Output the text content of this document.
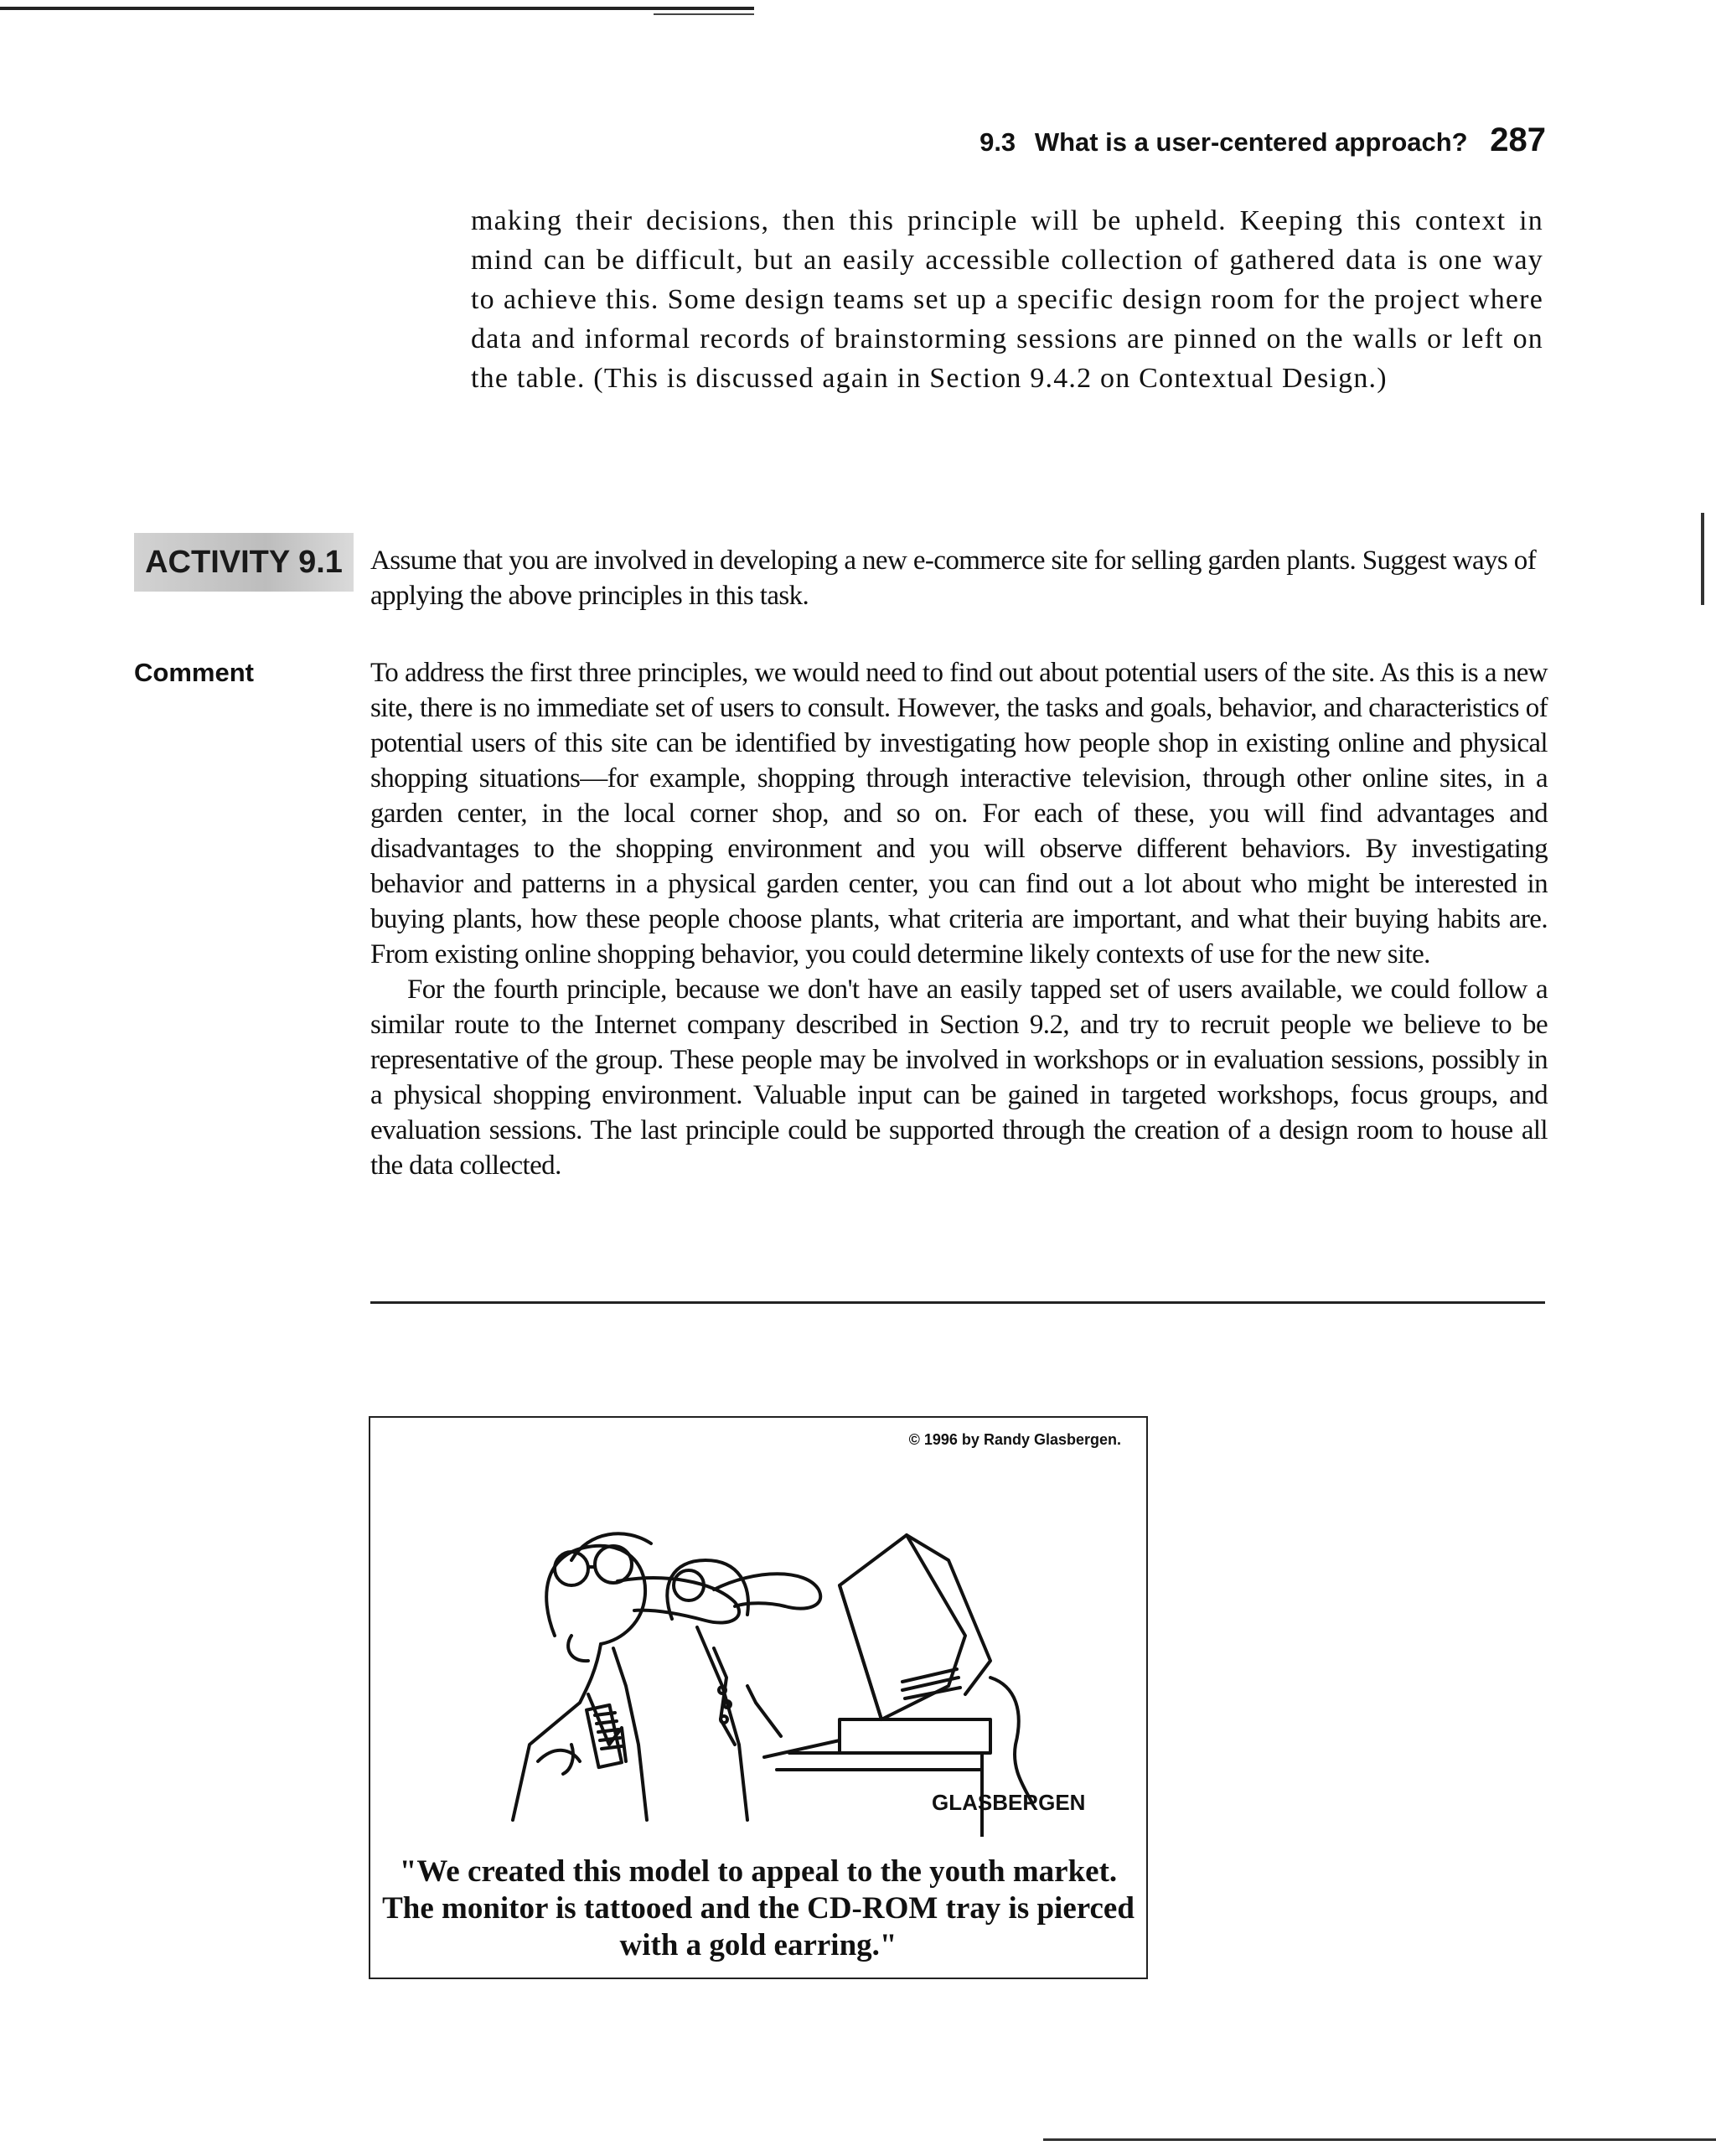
9.3 What is a user-centered approach? 287
making their decisions, then this principle will be upheld. Keeping this context in mind can be difficult, but an easily accessible collection of gathered data is one way to achieve this. Some design teams set up a specific design room for the project where data and informal records of brainstorming sessions are pinned on the walls or left on the table. (This is discussed again in Section 9.4.2 on Contextual Design.)
ACTIVITY 9.1 Assume that you are involved in developing a new e-commerce site for selling garden plants. Suggest ways of applying the above principles in this task.
Comment	To address the first three principles, we would need to find out about potential users of the site. As this is a new site, there is no immediate set of users to consult. However, the tasks and goals, behavior, and characteristics of potential users of this site can be identified by investigating how people shop in existing online and physical shopping situations—for example, shopping through interactive television, through other online sites, in a garden center, in the local corner shop, and so on. For each of these, you will find advantages and disadvantages to the shopping environment and you will observe different behaviors. By investigating behavior and patterns in a physical garden center, you can find out a lot about who might be interested in buying plants, how these people choose plants, what criteria are important, and what their buying habits are. From existing online shopping behavior, you could determine likely contexts of use for the new site.

For the fourth principle, because we don't have an easily tapped set of users available, we could follow a similar route to the Internet company described in Section 9.2, and try to recruit people we believe to be representative of the group. These people may be involved in workshops or in evaluation sessions, possibly in a physical shopping environment. Valuable input can be gained in targeted workshops, focus groups, and evaluation sessions. The last principle could be supported through the creation of a design room to house all the data collected.

© 1996 by Randy Glasbergen.
GLASBERGEN
"We created this model to appeal to the youth market. The monitor is tattooed and the CD-ROM tray is pierced with a gold earring."
